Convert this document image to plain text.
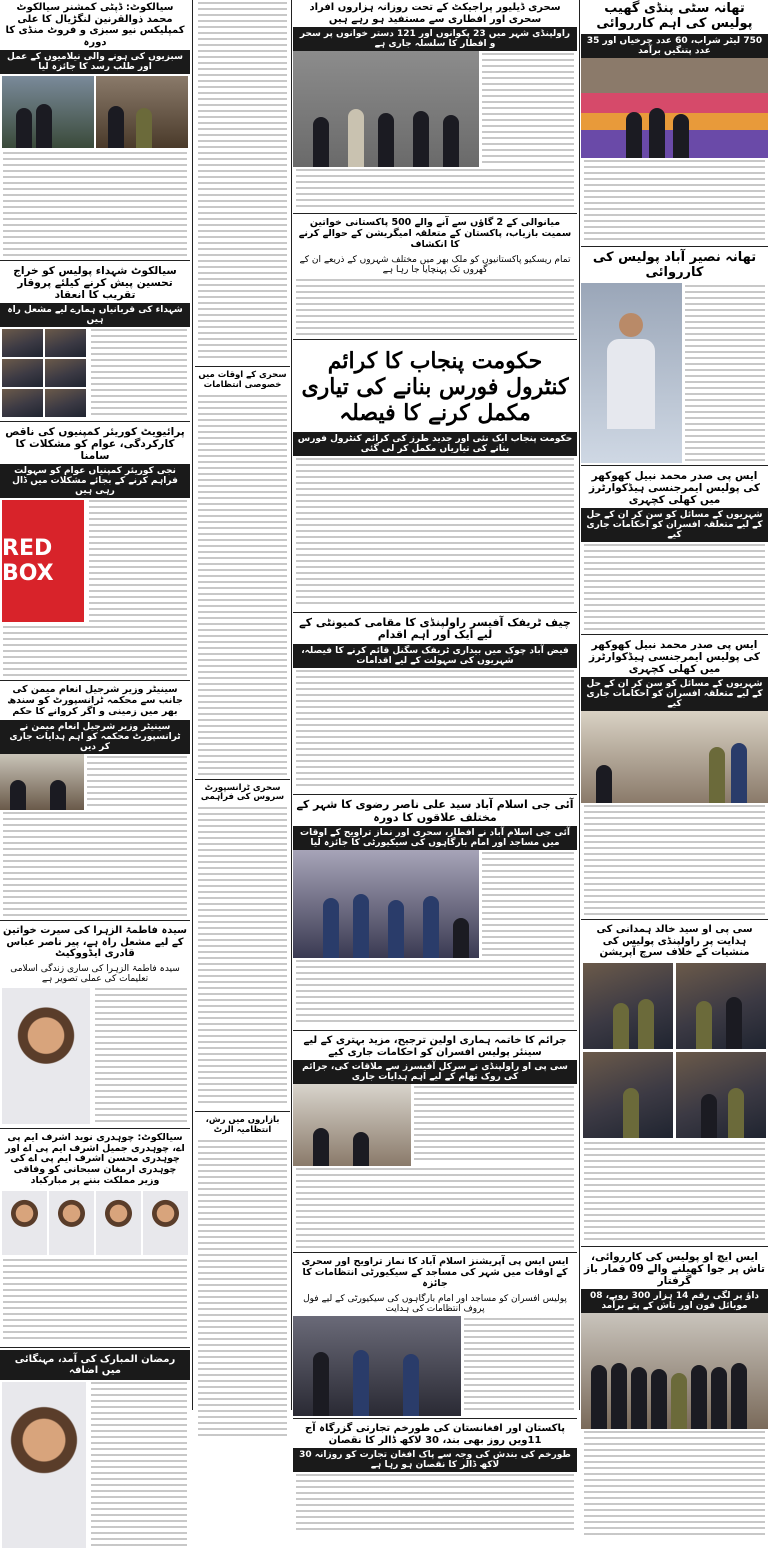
تھانہ سٹی پنڈی گھیب پولیس کی اہم کارروائی
750 لیٹر شراب، 60 عدد چرخیاں اور 35 عدد پتنگیں برآمد
تھانہ نصیر آباد پولیس کی کارروائی
ایس پی صدر محمد نبیل کھوکھر کی پولیس ایمرجنسی ہیڈکوارٹرز میں کھلی کچہری
شہریوں کے مسائل کو سن کر ان کے حل کے لیے متعلقہ افسران کو احکامات جاری کیے
ایس پی صدر محمد نبیل کھوکھر کی پولیس ایمرجنسی ہیڈکوارٹرز میں کھلی کچہری
شہریوں کے مسائل کو سن کر ان کے حل کے لیے متعلقہ افسران کو احکامات جاری کیے
سی پی او سید خالد ہمدانی کی ہدایت پر راولپنڈی پولیس کی منشیات کے خلاف سرچ آپریشن
ایس ایچ او پولیس کی کارروائی، تاش پر جوا کھیلنے والے 09 قمار باز گرفتار
داؤ پر لگی رقم 14 ہزار 300 روپے، 08 موبائل فون اور تاش کے پتے برآمد
سحری ڈیلیور پراجیکٹ کے تحت روزانہ ہزاروں افراد سحری اور افطاری سے مستفید ہو رہے ہیں
راولپنڈی شہر میں 23 پکوانوں اور 121 دستر خوانوں پر سحر و افطار کا سلسلہ جاری ہے
میانوالی کے 2 گاؤں سے آنے والے 500 پاکستانی خواتین سمیت بازیاب، پاکستان کے متعلقہ امیگریشن کے حوالے کرنے کا انکشاف
تمام ریسکیو پاکستانیوں کو ملک بھر میں مختلف شہروں کے ذریعے ان کے گھروں تک پہنچایا جا رہا ہے
حکومت پنجاب کا کرائم کنٹرول فورس بنانے کی تیاری مکمل کرنے کا فیصلہ
حکومت پنجاب ایک نئی اور جدید طرز کی کرائم کنٹرول فورس بنانے کی تیاریاں مکمل کر لی گئی
چیف ٹریفک آفیسر راولپنڈی کا مقامی کمیونٹی کے لیے ایک اور اہم اقدام
فیض آباد چوک میں بیداری ٹریفک سگنل قائم کرنے کا فیصلہ، شہریوں کی سہولت کے لیے اقدامات
آئی جی اسلام آباد سید علی ناصر رضوی کا شہر کے مختلف علاقوں کا دورہ
آئی جی اسلام آباد نے افطار، سحری اور نماز تراویح کے اوقات میں مساجد اور امام بارگاہوں کی سیکیورٹی کا جائزہ لیا
جرائم کا خاتمہ ہماری اولین ترجیح، مزید بہتری کے لیے سینئر پولیس افسران کو احکامات جاری کیے
سی پی او راولپنڈی نے سرکل آفیسرز سے ملاقات کی، جرائم کی روک تھام کے لیے اہم ہدایات جاری
ایس ایس پی آپریشنز اسلام آباد کا نماز تراویح اور سحری کے اوقات میں شہر کی مساجد کے سیکیورٹی انتظامات کا جائزہ
پولیس افسران کو مساجد اور امام بارگاہوں کی سیکیورٹی کے لیے فول پروف انتظامات کی ہدایت
پاکستان اور افغانستان کی طورخم تجارتی گزرگاہ آج 11ویں روز بھی بند، 30 لاکھ ڈالر کا نقصان
طورخم کی بندش کی وجہ سے پاک افغان تجارت کو روزانہ 30 لاکھ ڈالر کا نقصان ہو رہا ہے
سحری کے اوقات میں خصوصی انتظامات
سحری ٹرانسپورٹ سروس کی فراہمی
بازاروں میں رش، انتظامیہ الرٹ
سیالکوٹ: ڈپٹی کمشنر سیالکوٹ محمد ذوالقرنین لنگڑیال کا علی کمپلیکس نیو سبزی و فروٹ منڈی کا دورہ
سبزیوں کی ہونے والی نیلامیوں کے عمل اور طلب رسد کا جائزہ لیا
سیالکوٹ شہداء پولیس کو خراج تحسین پیش کرنے کیلئے پروقار تقریب کا انعقاد
شہداء کی قربانیاں ہمارے لیے مشعل راہ ہیں
پرائیویٹ کوریئر کمپنیوں کی ناقص کارکردگی، عوام کو مشکلات کا سامنا
نجی کوریئر کمپنیاں عوام کو سہولت فراہم کرنے کے بجائے مشکلات میں ڈال رہی ہیں
RED BOX
سینیٹر وزیر شرجیل انعام میمن کی جانب سے محکمہ ٹرانسپورٹ کو سندھ بھر میں زمینی و اگر کروانے کا حکم
سینیٹر وزیر شرجیل انعام میمن نے ٹرانسپورٹ محکمہ کو اہم ہدایات جاری کر دیں
سیدہ فاطمۃ الزہرا کی سیرت خواتین کے لیے مشعل راہ ہے، پیر ناصر عباس قادری ایڈووکیٹ
سیدہ فاطمۃ الزہرا کی ساری زندگی اسلامی تعلیمات کی عملی تصویر ہے
سیالکوٹ: چوہدری نوید اشرف ایم پی اے، چوہدری جمیل اشرف ایم پی اے اور چوہدری محسن اشرف ایم پی اے کی چوہدری ارمغان سبحانی کو وفاقی وزیر مملکت بننے پر مبارکباد
رمضان المبارک کی آمد، مہنگائی میں اضافہ
